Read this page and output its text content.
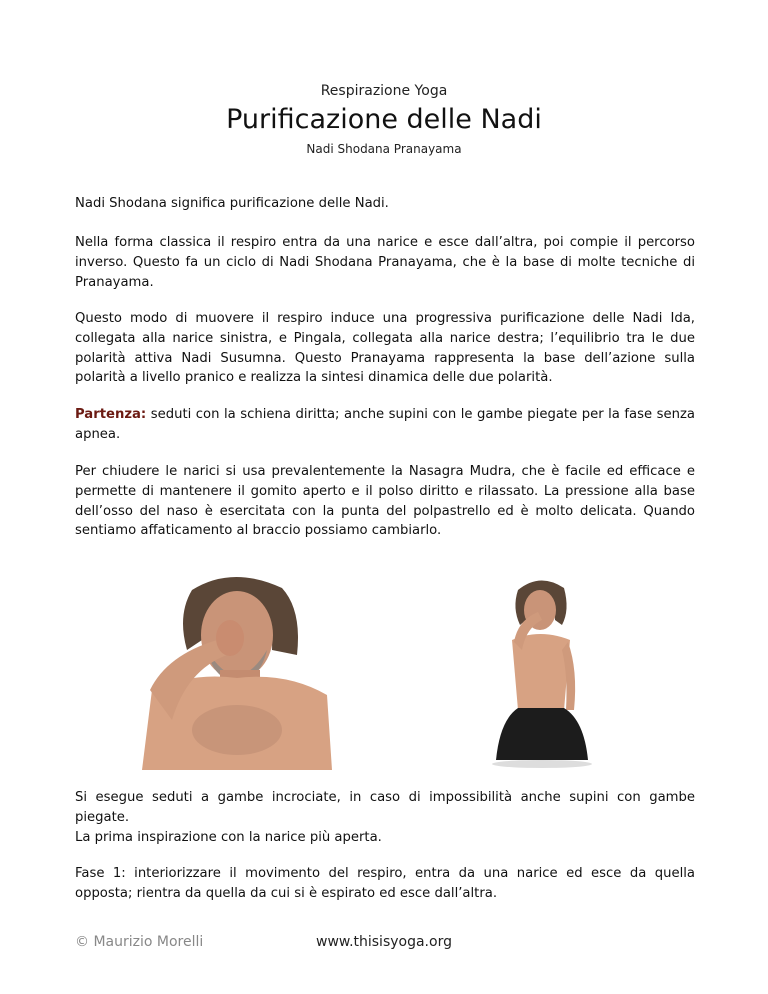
Respirazione Yoga
Purificazione delle Nadi
Nadi Shodana Pranayama

Nadi Shodana significa purificazione delle Nadi.

Nella forma classica il respiro entra da una narice e esce dall’altra, poi compie il percorso inverso. Questo fa un ciclo di Nadi Shodana Pranayama, che è la base di molte tecniche di Pranayama.

Questo modo di muovere il respiro induce una progressiva purificazione delle Nadi Ida, collegata alla narice sinistra, e Pingala, collegata alla narice destra; l’equilibrio tra le due polarità attiva Nadi Susumna. Questo Pranayama rappresenta la base dell’azione sulla polarità a livello pranico e realizza la sintesi dinamica delle due polarità.

Partenza: seduti con la schiena diritta; anche supini con le gambe piegate per la fase senza apnea.

Per chiudere le narici si usa prevalentemente la Nasagra Mudra, che è facile ed efficace e permette di mantenere il gomito aperto e il polso diritto e rilassato. La pressione alla base dell’osso del naso è esercitata con la punta del polpastrello ed è molto delicata. Quando sentiamo affaticamento al braccio possiamo cambiarlo.

Si esegue seduti a gambe incrociate, in caso di impossibilità anche supini con gambe piegate.

La prima inspirazione con la narice più aperta.

Fase 1: interiorizzare il movimento del respiro, entra da una narice ed esce da quella opposta; rientra da quella da cui si è espirato ed esce dall’altra.

© Maurizio Morelli	www.thisisyoga.org
